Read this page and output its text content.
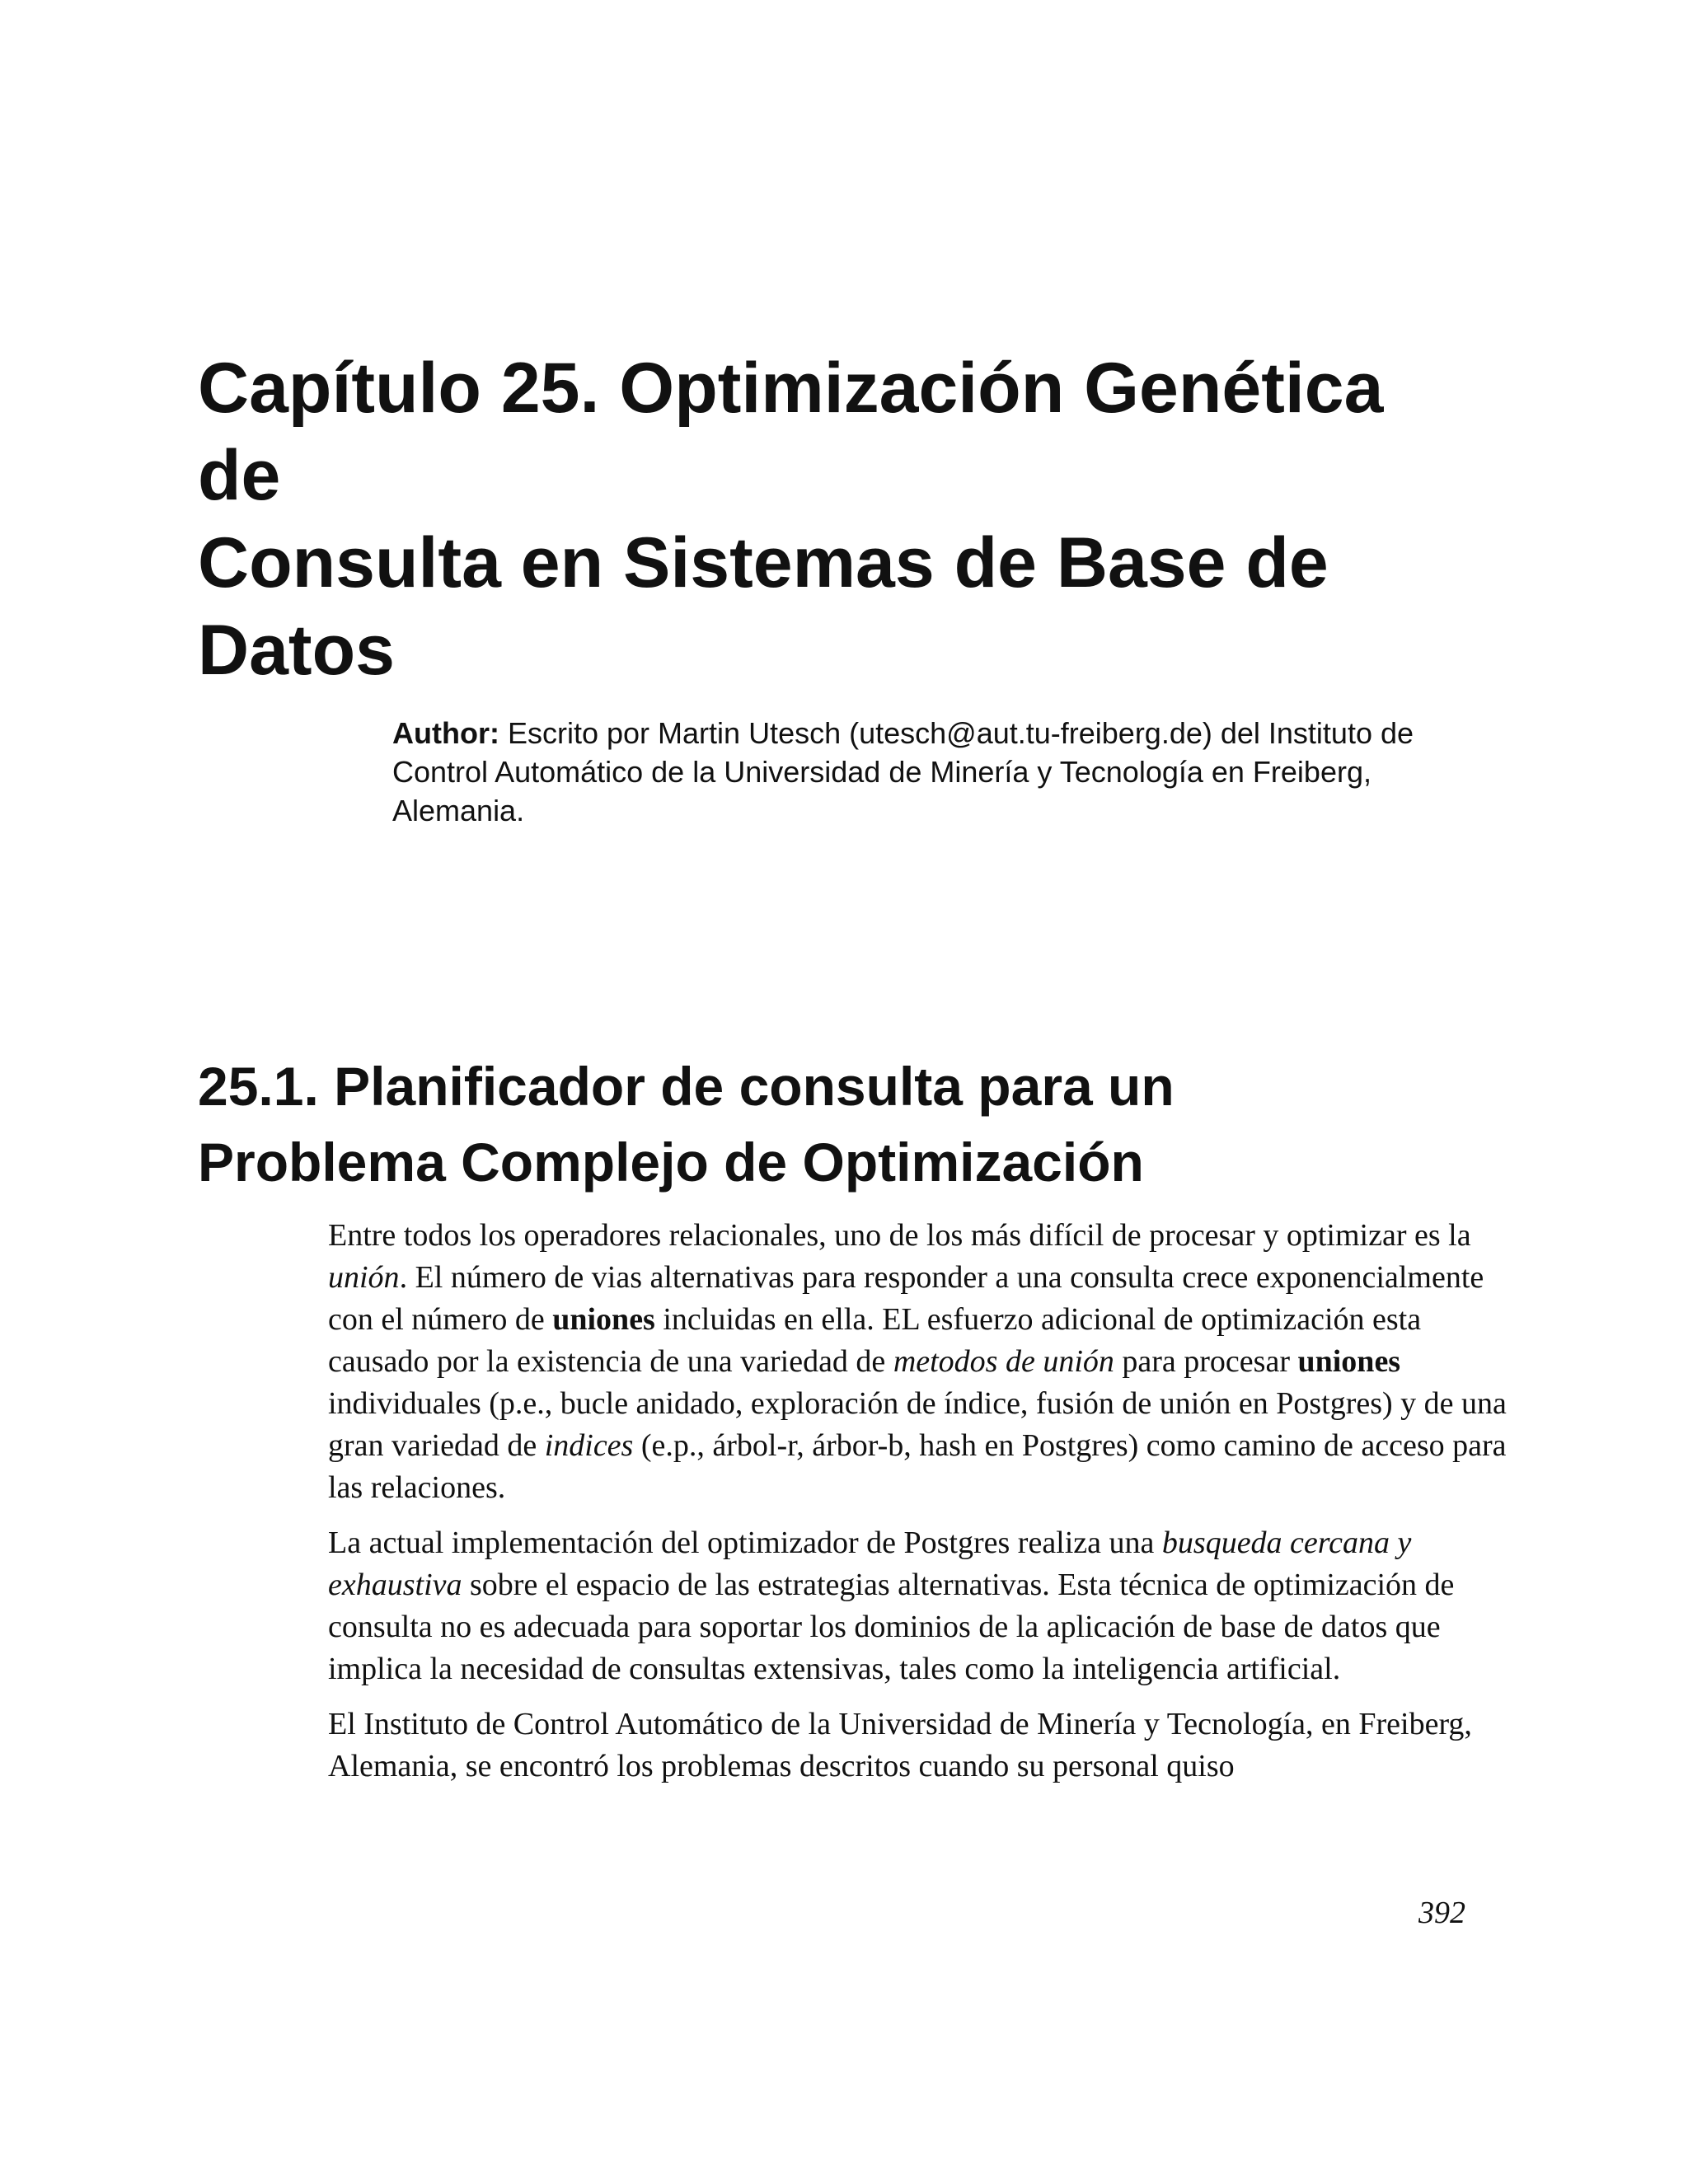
Capítulo 25. Optimización Genética de
Consulta en Sistemas de Base de
Datos

Author: Escrito por Martin Utesch (utesch@aut.tu-freiberg.de) del Instituto de
Control Automático de la Universidad de Minería y Tecnología en Freiberg,
Alemania.

25.1. Planificador de consulta para un
Problema Complejo de Optimización

Entre todos los operadores relacionales, uno de los más difícil de procesar y optimizar es la unión. El número de vias alternativas para responder a una consulta crece exponencialmente con el número de uniones incluidas en ella. EL esfuerzo adicional de optimización esta causado por la existencia de una variedad de metodos de unión para procesar uniones individuales (p.e., bucle anidado, exploración de índice, fusión de unión en Postgres) y de una gran variedad de indices (e.p., árbol-r, árbor-b, hash en Postgres) como camino de acceso para las relaciones.

La actual implementación del optimizador de Postgres realiza una busqueda cercana y exhaustiva sobre el espacio de las estrategias alternativas. Esta técnica de optimización de consulta no es adecuada para soportar los dominios de la aplicación de base de datos que implica la necesidad de consultas extensivas, tales como la inteligencia artificial.

El Instituto de Control Automático de la Universidad de Minería y Tecnología, en Freiberg, Alemania, se encontró los problemas descritos cuando su personal quiso

392
